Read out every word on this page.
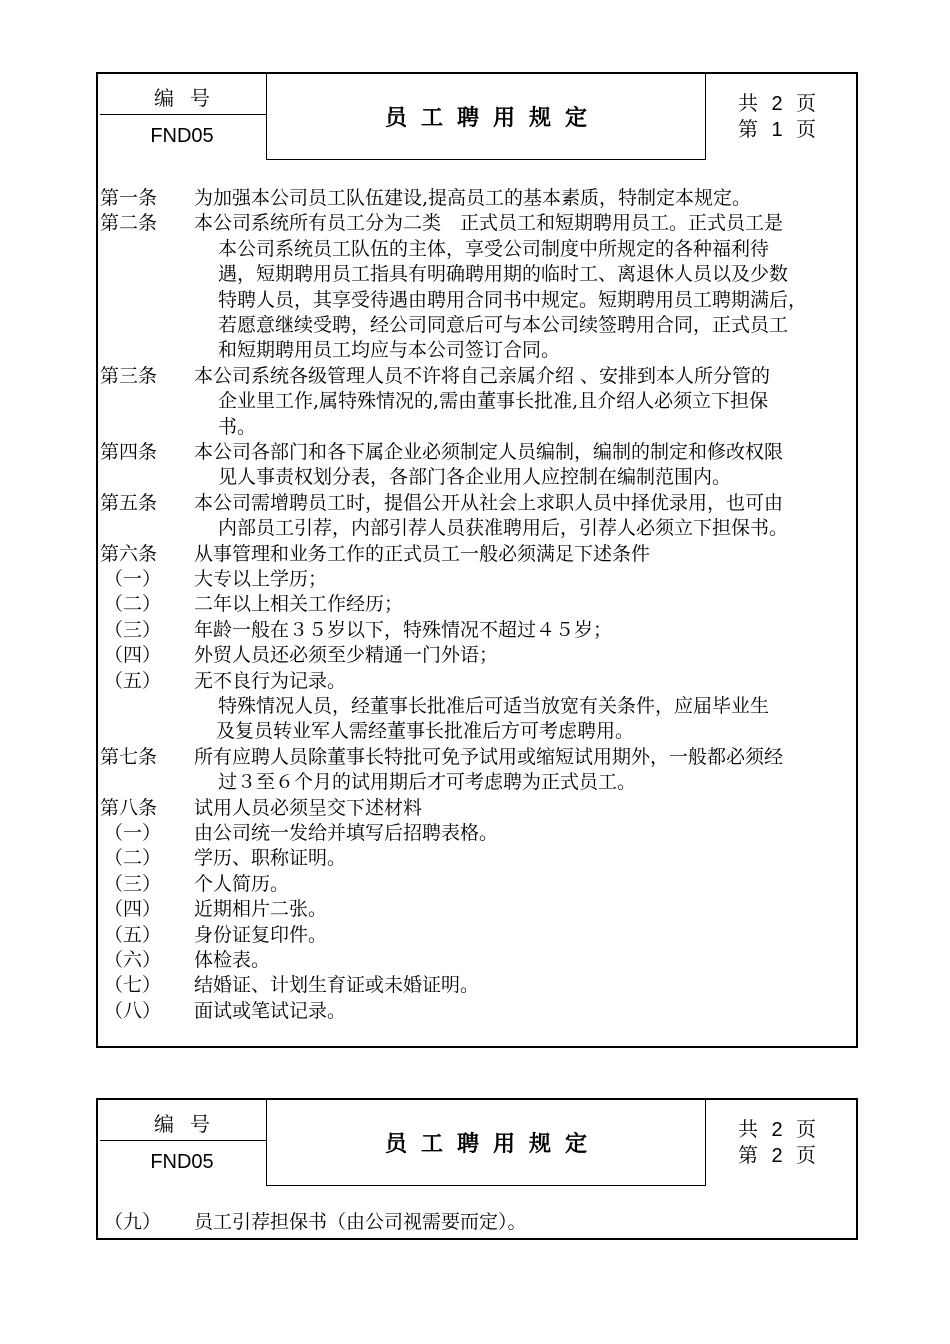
编号
FND05
员工聘用规定
共 2 页
第 1 页
第一条 为加强本公司员工队伍建设,提高员工的基本素质，特制定本规定。
第二条 本公司系统所有员工分为二类　正式员工和短期聘用员工。正式员工是
本公司系统员工队伍的主体，享受公司制度中所规定的各种福利待
遇，短期聘用员工指具有明确聘用期的临时工、离退休人员以及少数
特聘人员，其享受待遇由聘用合同书中规定。短期聘用员工聘期满后，
若愿意继续受聘，经公司同意后可与本公司续签聘用合同，正式员工
和短期聘用员工均应与本公司签订合同。
第三条 本公司系统各级管理人员不许将自己亲属介绍 、安排到本人所分管的
企业里工作,属特殊情况的,需由董事长批准,且介绍人必须立下担保
书。
第四条 本公司各部门和各下属企业必须制定人员编制，编制的制定和修改权限
见人事责权划分表，各部门各企业用人应控制在编制范围内。
第五条 本公司需增聘员工时，提倡公开从社会上求职人员中择优录用，也可由
内部员工引荐，内部引荐人员获准聘用后，引荐人必须立下担保书。
第六条 从事管理和业务工作的正式员工一般必须满足下述条件
（一） 大专以上学历；
（二） 二年以上相关工作经历；
（三） 年龄一般在３５岁以下，特殊情况不超过４５岁；
（四） 外贸人员还必须至少精通一门外语；
（五） 无不良行为记录。
特殊情况人员，经董事长批准后可适当放宽有关条件，应届毕业生
及复员转业军人需经董事长批准后方可考虑聘用。
第七条 所有应聘人员除董事长特批可免予试用或缩短试用期外，一般都必须经
过３至６个月的试用期后才可考虑聘为正式员工。
第八条 试用人员必须呈交下述材料
（一） 由公司统一发给并填写后招聘表格。
（二） 学历、职称证明。
（三） 个人简历。
（四） 近期相片二张。
（五） 身份证复印件。
（六） 体检表。
（七） 结婚证、计划生育证或未婚证明。
（八） 面试或笔试记录。
编号
FND05
员工聘用规定
共 2 页
第 2 页
（九） 员工引荐担保书（由公司视需要而定）。
